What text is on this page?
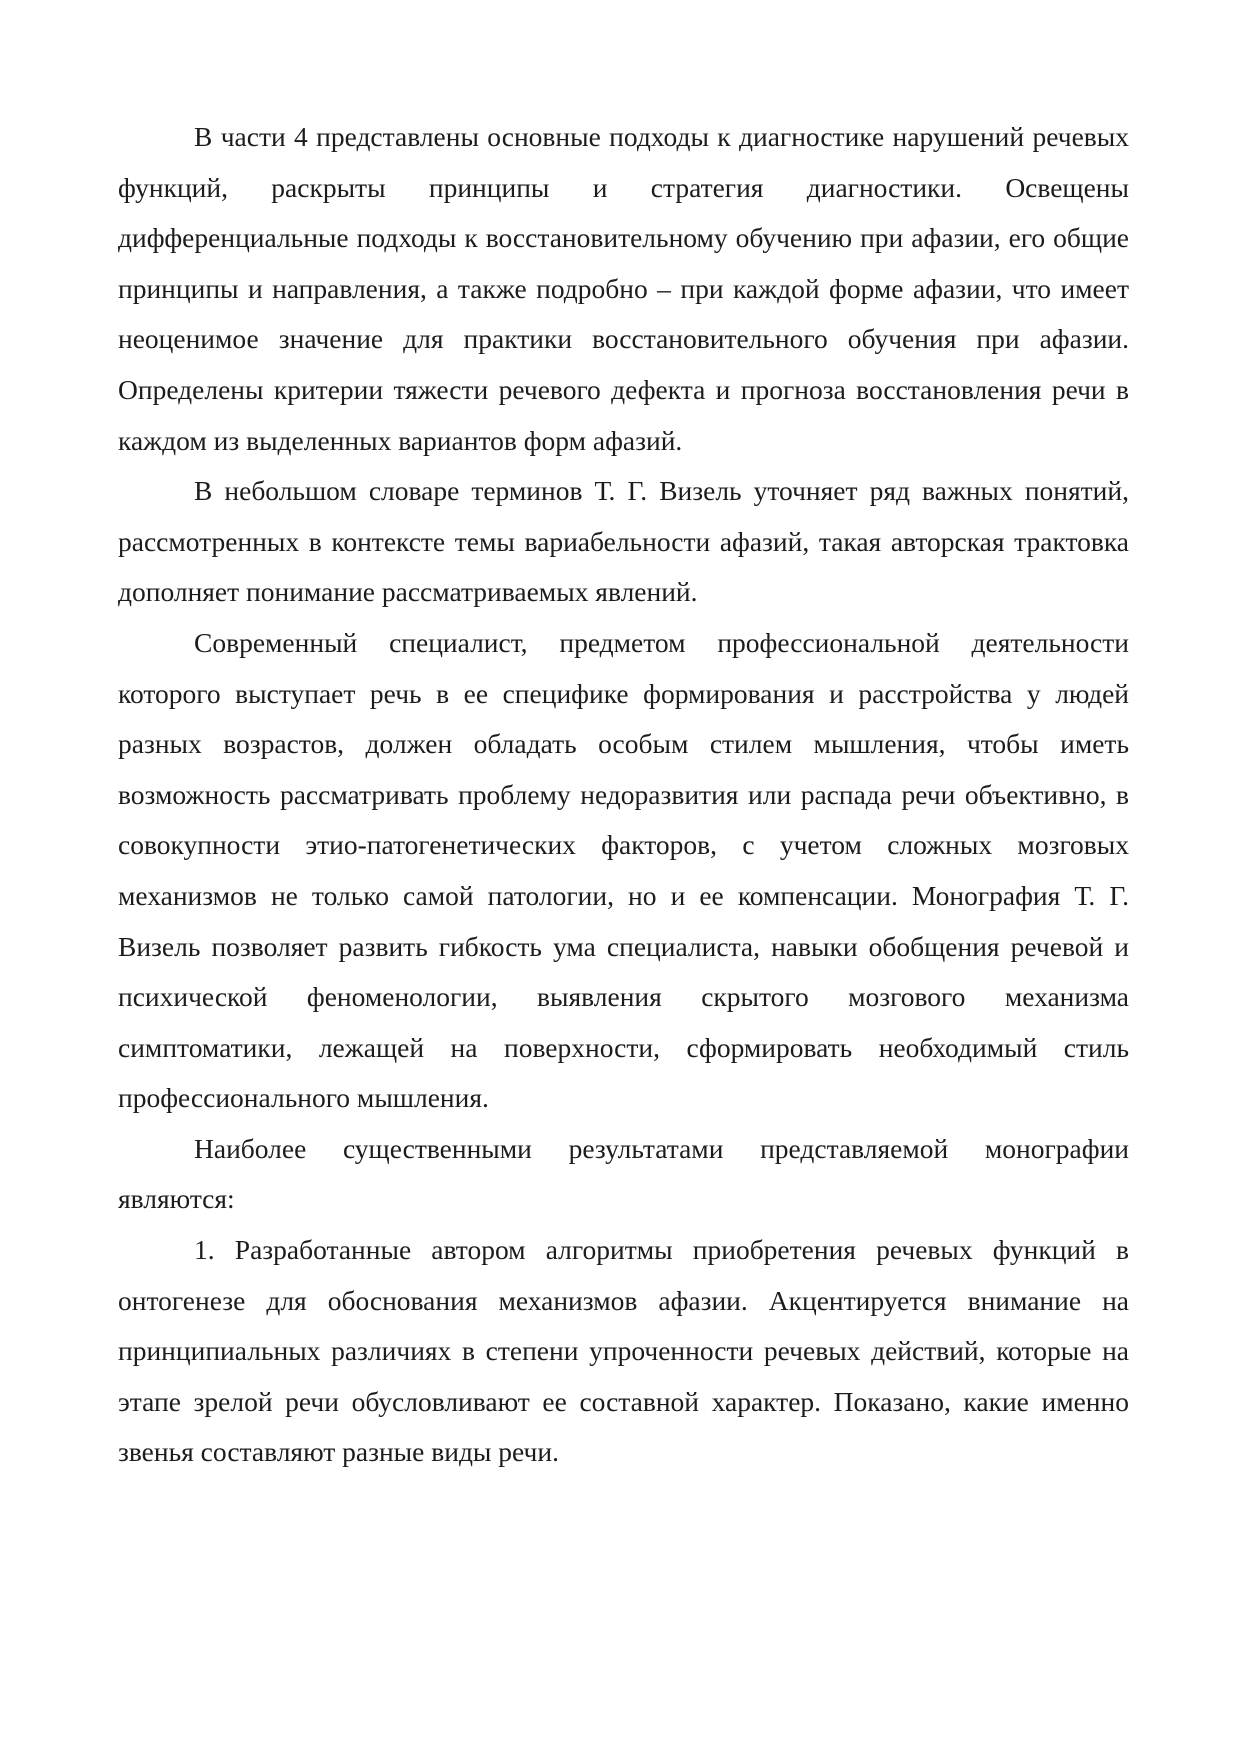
В части 4 представлены основные подходы к диагностике нарушений речевых функций, раскрыты принципы и стратегия диагностики. Освещены дифференциальные подходы к восстановительному обучению при афазии, его общие принципы и направления, а также подробно – при каждой форме афазии, что имеет неоценимое значение для практики восстановительного обучения при афазии. Определены критерии тяжести речевого дефекта и прогноза восстановления речи в каждом из выделенных вариантов форм афазий.

В небольшом словаре терминов Т. Г. Визель уточняет ряд важных понятий, рассмотренных в контексте темы вариабельности афазий, такая авторская трактовка дополняет понимание рассматриваемых явлений.

Современный специалист, предметом профессиональной деятельности которого выступает речь в ее специфике формирования и расстройства у людей разных возрастов, должен обладать особым стилем мышления, чтобы иметь возможность рассматривать проблему недоразвития или распада речи объективно, в совокупности этио-патогенетических факторов, с учетом сложных мозговых механизмов не только самой патологии, но и ее компенсации. Монография Т. Г. Визель позволяет развить гибкость ума специалиста, навыки обобщения речевой и психической феноменологии, выявления скрытого мозгового механизма симптоматики, лежащей на поверхности, сформировать необходимый стиль профессионального мышления.

Наиболее существенными результатами представляемой монографии являются:

1. Разработанные автором алгоритмы приобретения речевых функций в онтогенезе для обоснования механизмов афазии. Акцентируется внимание на принципиальных различиях в степени упроченности речевых действий, которые на этапе зрелой речи обусловливают ее составной характер. Показано, какие именно звенья составляют разные виды речи.
